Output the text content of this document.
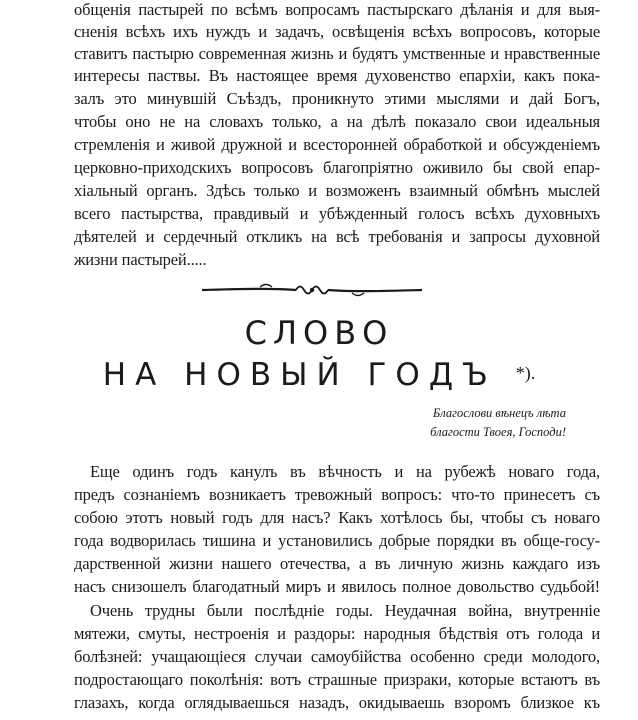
общенія пастырей по всѣмъ вопросамъ пастырскаго дѣланія и для выя-
сненія всѣхъ ихъ нуждъ и задачъ, освѣщенія всѣхъ вопросовъ, которые
ставитъ пастырю современная жизнь и будятъ умственные и нравственные
интересы паствы. Въ настоящее время духовенство епархіи, какъ пока-
залъ это минувшій Съѣздъ, проникнуто этими мыслями и дай Богъ,
чтобы оно не на словахъ только, а на дѣлѣ показало свои идеальныя
стремленія и живой дружной и всесторонней обработкой и обсужденіемъ
церковно-приходскихъ вопросовъ благопріятно оживило бы свой епар-
хіальный органъ. Здѣсь только и возможенъ взаимный обмѣнъ мыслей
всего пастырства, правдивый и убѣжденный голосъ всѣхъ духовныхъ
дѣятелей и сердечный откликъ на всѣ требованія и запросы духовной
жизни пастырей.....
СЛОВО
НА НОВЫЙ ГОДЪ *).
Благослови вѣнецъ лѣта
благости Твоея, Господи!
Еще одинъ годъ канулъ въ вѣчность и на рубежѣ новаго года,
предъ сознаніемъ возникаетъ тревожный вопросъ: что-то принесетъ съ
собою этотъ новый годъ для насъ? Какъ хотѣлось бы, чтобы съ новаго
года водворилась тишина и установились добрые порядки въ обще-госу-
дарственной жизни нашего отечества, а въ личную жизнь каждаго изъ
насъ снизошелъ благодатный миръ и явилось полное довольство судьбой!
Очень трудны были послѣдніе годы. Неудачная война, внутренніе
мятежи, смуты, нестроенія и раздоры: народныя бѣдствія отъ голода и
болѣзней: учащающіеся случаи самоубійства особенно среди молодого,
подростающаго поколѣнія: вотъ страшные призраки, которые встаютъ въ
глазахъ, когда оглядываешься назадъ, окидываешь взоромъ близкое къ
